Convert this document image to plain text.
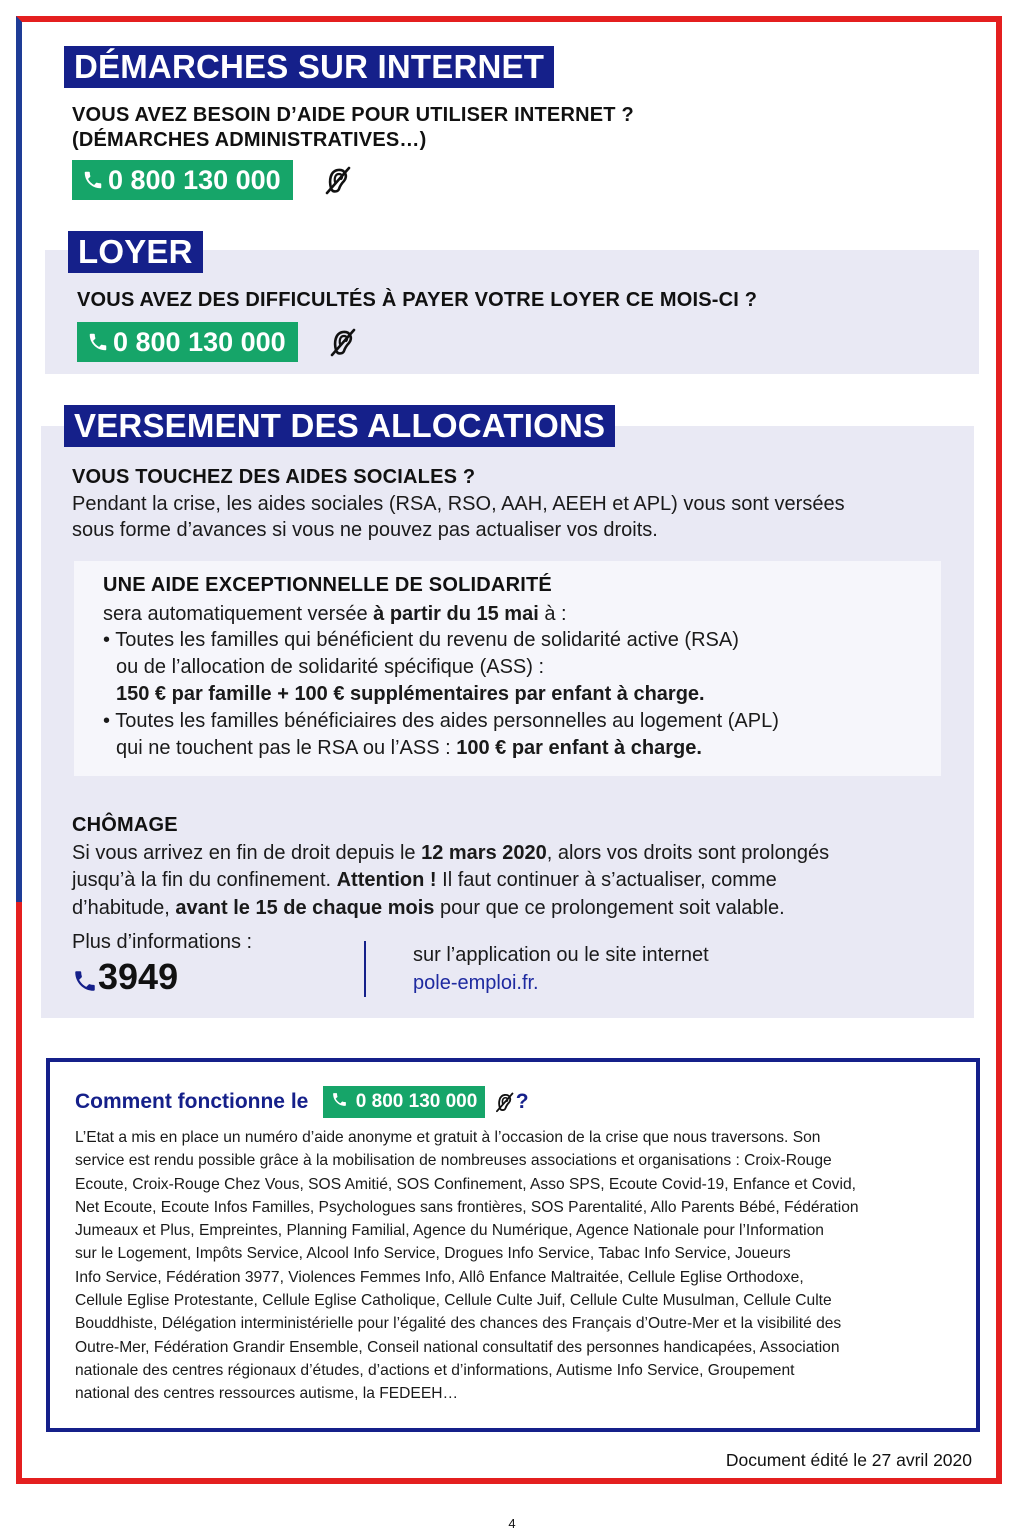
DÉMARCHES SUR INTERNET
VOUS AVEZ BESOIN D’AIDE POUR UTILISER INTERNET ?
(DÉMARCHES ADMINISTRATIVES…)
0 800 130 000
LOYER
VOUS AVEZ DES DIFFICULTÉS À PAYER VOTRE LOYER CE MOIS-CI ?
0 800 130 000
VERSEMENT DES ALLOCATIONS
VOUS TOUCHEZ DES AIDES SOCIALES ?
Pendant la crise, les aides sociales (RSA, RSO, AAH, AEEH et APL) vous sont versées
sous forme d’avances si vous ne pouvez pas actualiser vos droits.
UNE AIDE EXCEPTIONNELLE DE SOLIDARITÉ
sera automatiquement versée à partir du 15 mai à :
• Toutes les familles qui bénéficient du revenu de solidarité active (RSA)
ou de l’allocation de solidarité spécifique (ASS) :
150 € par famille + 100 € supplémentaires par enfant à charge.
• Toutes les familles bénéficiaires des aides personnelles au logement (APL)
qui ne touchent pas le RSA ou l’ASS : 100 € par enfant à charge.
CHÔMAGE
Si vous arrivez en fin de droit depuis le 12 mars 2020, alors vos droits sont prolongés
jusqu’à la fin du confinement. Attention ! Il faut continuer à s’actualiser, comme
d’habitude, avant le 15 de chaque mois pour que ce prolongement soit valable.
Plus d’informations :
3949
sur l’application ou le site internet
pole-emploi.fr.
Comment fonctionne le 0 800 130 000 ?
L’Etat a mis en place un numéro d’aide anonyme et gratuit à l’occasion de la crise que nous traversons. Son
service est rendu possible grâce à la mobilisation de nombreuses associations et organisations : Croix-Rouge
Ecoute, Croix-Rouge Chez Vous, SOS Amitié, SOS Confinement, Asso SPS, Ecoute Covid-19, Enfance et Covid,
Net Ecoute, Ecoute Infos Familles, Psychologues sans frontières, SOS Parentalité, Allo Parents Bébé, Fédération
Jumeaux et Plus, Empreintes, Planning Familial, Agence du Numérique, Agence Nationale pour l’Information
sur le Logement, Impôts Service, Alcool Info Service, Drogues Info Service, Tabac Info Service, Joueurs
Info Service, Fédération 3977, Violences Femmes Info, Allô Enfance Maltraitée, Cellule Eglise Orthodoxe,
Cellule Eglise Protestante, Cellule Eglise Catholique, Cellule Culte Juif, Cellule Culte Musulman, Cellule Culte
Bouddhiste, Délégation interministérielle pour l’égalité des chances des Français d’Outre-Mer et la visibilité des
Outre-Mer, Fédération Grandir Ensemble, Conseil national consultatif des personnes handicapées, Association
nationale des centres régionaux d’études, d’actions et d’informations, Autisme Info Service, Groupement
national des centres ressources autisme, la FEDEEH…
Document édité le 27 avril 2020
4
